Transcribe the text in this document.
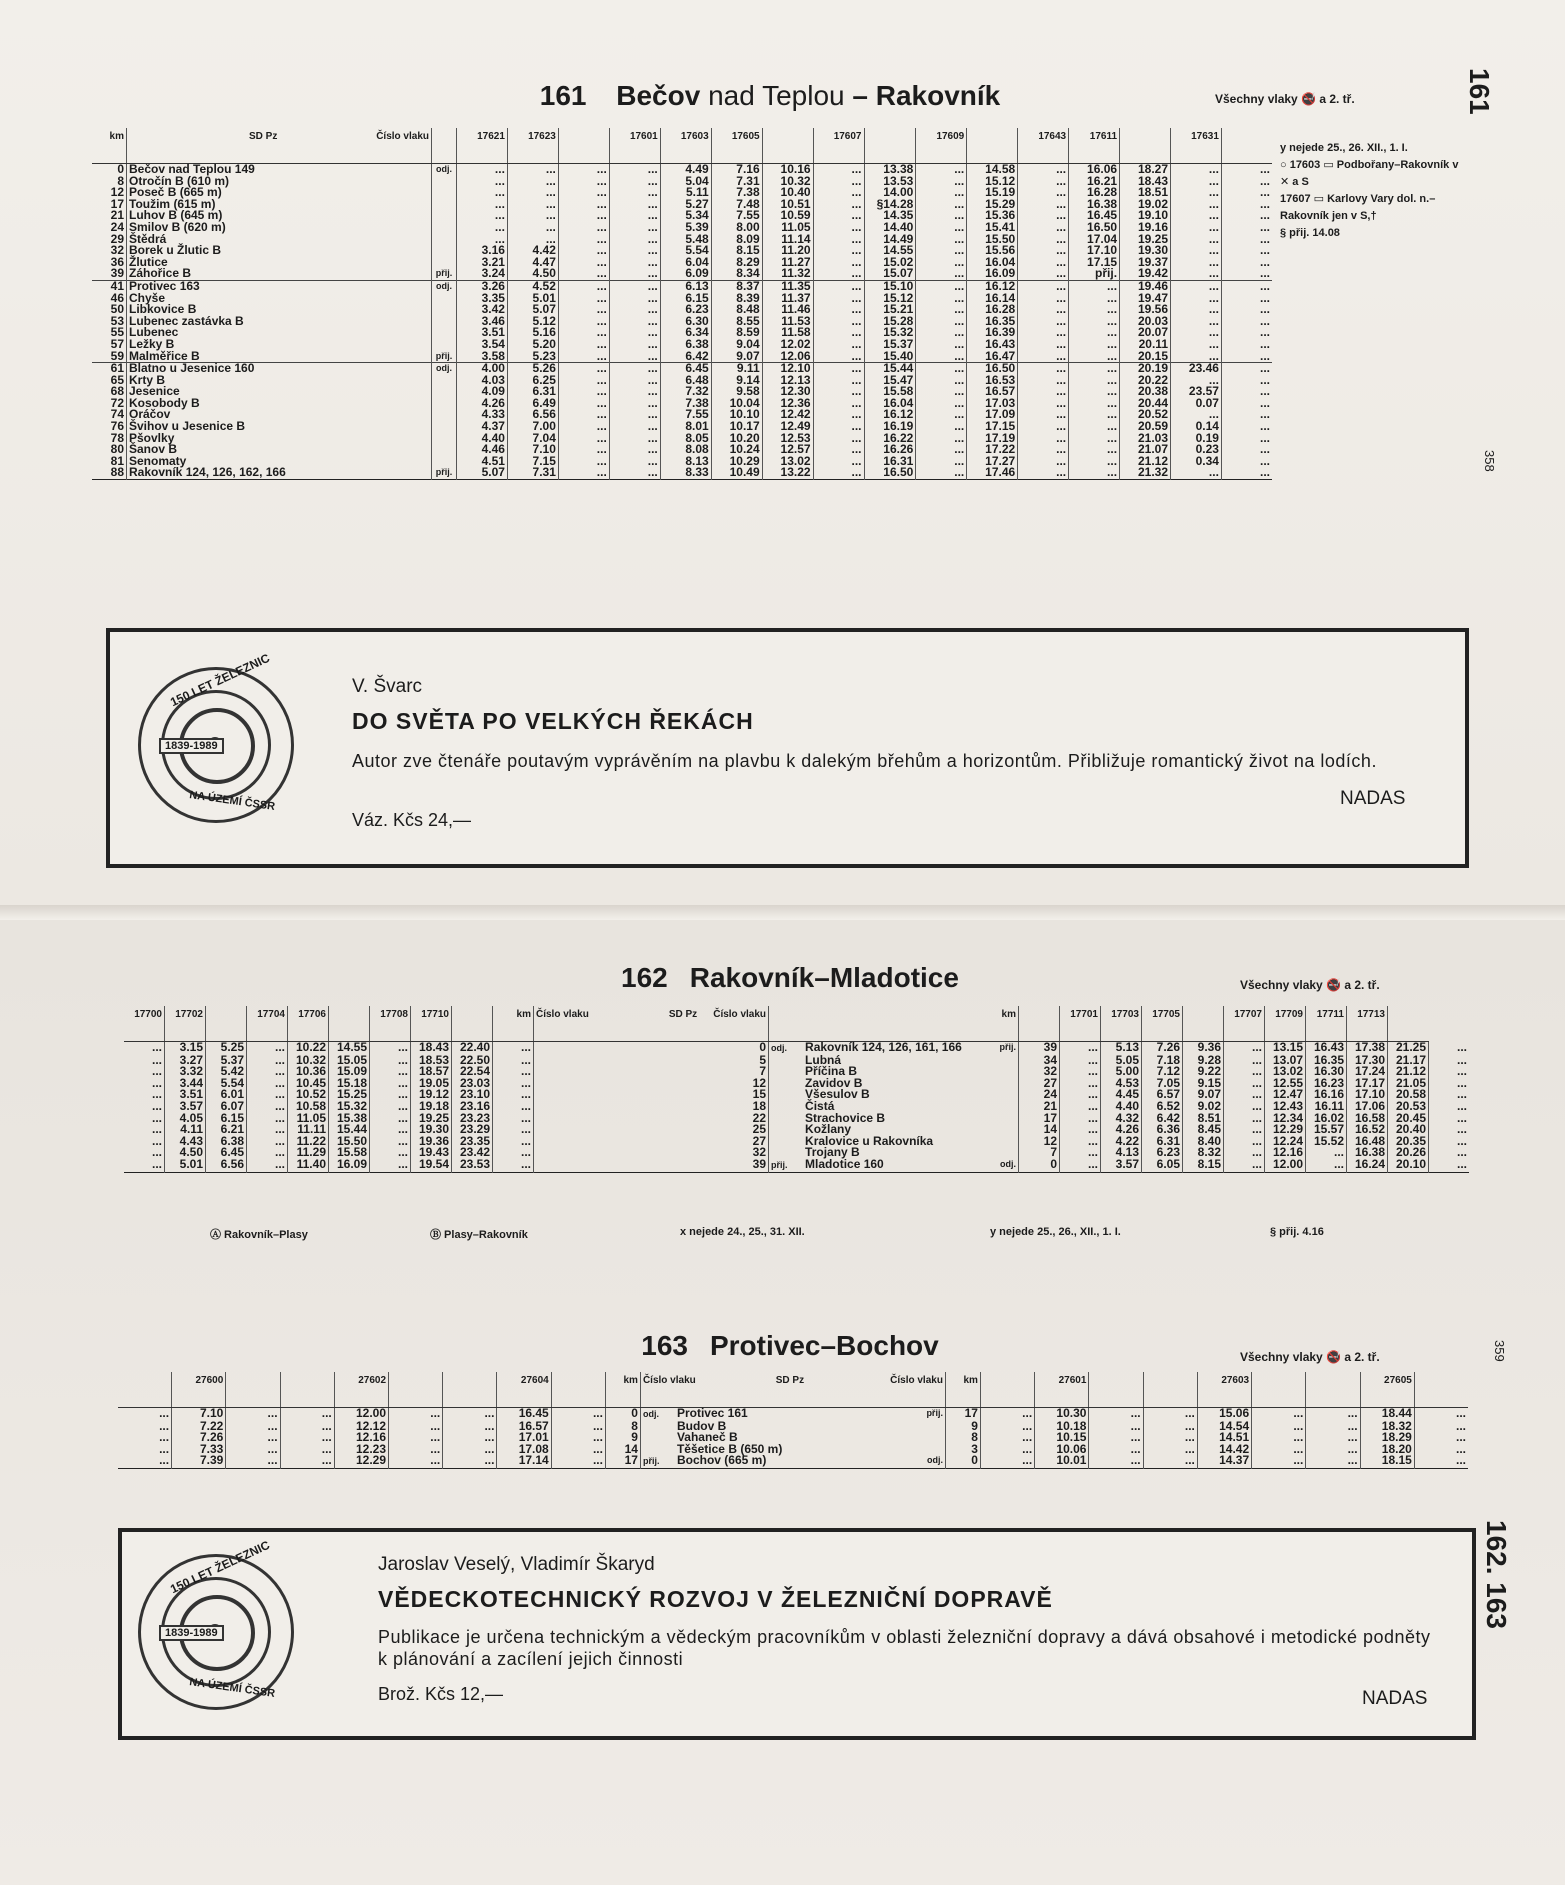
161 Bečov nad Teplou – Rakovník	Všechny vlaky 🚭 a 2. tř.	161
km	SD Pz Číslo vlaku		17621	17623		17601	17603	17605		17607		17609		17643	17611		17631	
0	Bečov nad Teplou 149	odj.	...	...	...	...	4.49	7.16	10.16	...	13.38	...	14.58	...	16.06	18.27	...	...
8	Otročín B (610 m)		...	...	...	...	5.04	7.31	10.32	...	13.53	...	15.12	...	16.21	18.43	...	...
12	Poseč B (665 m)		...	...	...	...	5.11	7.38	10.40	...	14.00	...	15.19	...	16.28	18.51	...	...
17	Toužim (615 m)		...	...	...	...	5.27	7.48	10.51	...	§14.28	...	15.29	...	16.38	19.02	...	...
21	Luhov B (645 m)		...	...	...	...	5.34	7.55	10.59	...	14.35	...	15.36	...	16.45	19.10	...	...
24	Smilov B (620 m)		...	...	...	...	5.39	8.00	11.05	...	14.40	...	15.41	...	16.50	19.16	...	...
29	Štědrá		...	...	...	...	5.48	8.09	11.14	...	14.49	...	15.50	...	17.04	19.25	...	...
32	Borek u Žlutic B		3.16	4.42	...	...	5.54	8.15	11.20	...	14.55	...	15.56	...	17.10	19.30	...	...
36	Žlutice		3.21	4.47	...	...	6.04	8.29	11.27	...	15.02	...	16.04	...	17.15	19.37	...	...
39	Záhořice B	přij.	3.24	4.50	...	...	6.09	8.34	11.32	...	15.07	...	16.09	...	přij.	19.42	...	...
41	Protivec 163	odj.	3.26	4.52	...	...	6.13	8.37	11.35	...	15.10	...	16.12	...	...	19.46	...	...
46	Chyše		3.35	5.01	...	...	6.15	8.39	11.37	...	15.12	...	16.14	...	...	19.47	...	...
50	Libkovice B		3.42	5.07	...	...	6.23	8.48	11.46	...	15.21	...	16.28	...	...	19.56	...	...
53	Lubenec zastávka B		3.46	5.12	...	...	6.30	8.55	11.53	...	15.28	...	16.35	...	...	20.03	...	...
55	Lubenec		3.51	5.16	...	...	6.34	8.59	11.58	...	15.32	...	16.39	...	...	20.07	...	...
57	Ležky B		3.54	5.20	...	...	6.38	9.04	12.02	...	15.37	...	16.43	...	...	20.11	...	...
59	Malměřice B	přij.	3.58	5.23	...	...	6.42	9.07	12.06	...	15.40	...	16.47	...	...	20.15	...	...
61	Blatno u Jesenice 160	odj.	4.00	5.26	...	...	6.45	9.11	12.10	...	15.44	...	16.50	...	...	20.19	23.46	...
65	Krty B		4.03	6.25	...	...	6.48	9.14	12.13	...	15.47	...	16.53	...	...	20.22	...	...
68	Jesenice		4.09	6.31	...	...	7.32	9.58	12.30	...	15.58	...	16.57	...	...	20.38	23.57	...
72	Kosobody B		4.26	6.49	...	...	7.38	10.04	12.36	...	16.04	...	17.03	...	...	20.44	0.07	...
74	Oráčov		4.33	6.56	...	...	7.55	10.10	12.42	...	16.12	...	17.09	...	...	20.52	...	...
76	Švihov u Jesenice B		4.37	7.00	...	...	8.01	10.17	12.49	...	16.19	...	17.15	...	...	20.59	0.14	...
78	Pšovlky		4.40	7.04	...	...	8.05	10.20	12.53	...	16.22	...	17.19	...	...	21.03	0.19	...
80	Šanov B		4.46	7.10	...	...	8.08	10.24	12.57	...	16.26	...	17.22	...	...	21.07	0.23	...
81	Senomaty		4.51	7.15	...	...	8.13	10.29	13.02	...	16.31	...	17.27	...	...	21.12	0.34	...
88	Rakovník 124, 126, 162, 166	přij.	5.07	7.31	...	...	8.33	10.49	13.22	...	16.50	...	17.46	...	...	21.32	...	...

y nejede 25., 26. XII., 1. I.
○ 17603 ▭ Podbořany–Rakovník v ✕ a S
17607 ▭ Karlovy Vary dol. n.– Rakovník jen v S,†
§ přij. 14.08
358
150 LET ŽELEZNIC
1839-1989
NA ÚZEMÍ ČSSR
V. Švarc
DO SVĚTA PO VELKÝCH ŘEKÁCH
Autor zve čtenáře poutavým vyprávěním na plavbu k dalekým břehům a horizontům. Přibližuje romantický život na lodích.
Váz. Kčs 24,—
NADAS
162 Rakovník–Mladotice	Všechny vlaky 🚭 a 2. tř.
17700	17702		17704	17706		17708	17710		km	Číslo vlaku SD Pz Číslo vlaku	km		17701	17703	17705		17707	17709	17711	17713		
...	3.15	5.25	...	10.22	14.55	...	18.43	22.40	...	0	odj. Rakovník 124, 126, 161, 166 přij.	39	...	5.13	7.26	9.36	...	13.15	16.43	17.38	21.25	...
...	3.27	5.37	...	10.32	15.05	...	18.53	22.50	...	5	Lubná	34	...	5.05	7.18	9.28	...	13.07	16.35	17.30	21.17	...
...	3.32	5.42	...	10.36	15.09	...	18.57	22.54	...	7	Příčina B	32	...	5.00	7.12	9.22	...	13.02	16.30	17.24	21.12	...
...	3.44	5.54	...	10.45	15.18	...	19.05	23.03	...	12	Zavidov B	27	...	4.53	7.05	9.15	...	12.55	16.23	17.17	21.05	...
...	3.51	6.01	...	10.52	15.25	...	19.12	23.10	...	15	Všesulov B	24	...	4.45	6.57	9.07	...	12.47	16.16	17.10	20.58	...
...	3.57	6.07	...	10.58	15.32	...	19.18	23.16	...	18	Čistá	21	...	4.40	6.52	9.02	...	12.43	16.11	17.06	20.53	...
...	4.05	6.15	...	11.05	15.38	...	19.25	23.23	...	22	Strachovice B	17	...	4.32	6.42	8.51	...	12.34	16.02	16.58	20.45	...
...	4.11	6.21	...	11.11	15.44	...	19.30	23.29	...	25	Kožlany	14	...	4.26	6.36	8.45	...	12.29	15.57	16.52	20.40	...
...	4.43	6.38	...	11.22	15.50	...	19.36	23.35	...	27	Kralovice u Rakovníka	12	...	4.22	6.31	8.40	...	12.24	15.52	16.48	20.35	...
...	4.50	6.45	...	11.29	15.58	...	19.43	23.42	...	32	Trojany B	7	...	4.13	6.23	8.32	...	12.16	...	16.38	20.26	...
...	5.01	6.56	...	11.40	16.09	...	19.54	23.53	...	39	přij. Mladotice 160 odj.	0	...	3.57	6.05	8.15	...	12.00	...	16.24	20.10	...

Ⓐ Rakovník–Plasy	Ⓑ Plasy–Rakovník	x nejede 24., 25., 31. XII.	y nejede 25., 26., XII., 1. I.	§ přij. 4.16
163 Protivec–Bochov	Všechny vlaky 🚭 a 2. tř.	359
	27600			27602			27604		km	Číslo vlaku SD Pz Číslo vlaku	km		27601			27603			27605	
...	7.10	...	...	12.00	...	...	16.45	...	0	odj. Protivec 161 přij.	17	...	10.30	...	...	15.06	...	...	18.44	...
...	7.22	...	...	12.12	...	...	16.57	...	8	Budov B	9	...	10.18	...	...	14.54	...	...	18.32	...
...	7.26	...	...	12.16	...	...	17.01	...	9	Vahaneč B	8	...	10.15	...	...	14.51	...	...	18.29	...
...	7.33	...	...	12.23	...	...	17.08	...	14	Těšetice B (650 m)	3	...	10.06	...	...	14.42	...	...	18.20	...
...	7.39	...	...	12.29	...	...	17.14	...	17	přij. Bochov (665 m) odj.	0	...	10.01	...	...	14.37	...	...	18.15	...

150 LET ŽELEZNIC
1839-1989
NA ÚZEMÍ ČSSR
Jaroslav Veselý, Vladimír Škaryd
VĚDECKOTECHNICKÝ ROZVOJ V ŽELEZNIČNÍ DOPRAVĚ
Publikace je určena technickým a vědeckým pracovníkům v oblasti železniční dopravy a dává obsahové i metodické podněty k plánování a zacílení jejich činnosti
Brož. Kčs 12,—	NADAS
162. 163
